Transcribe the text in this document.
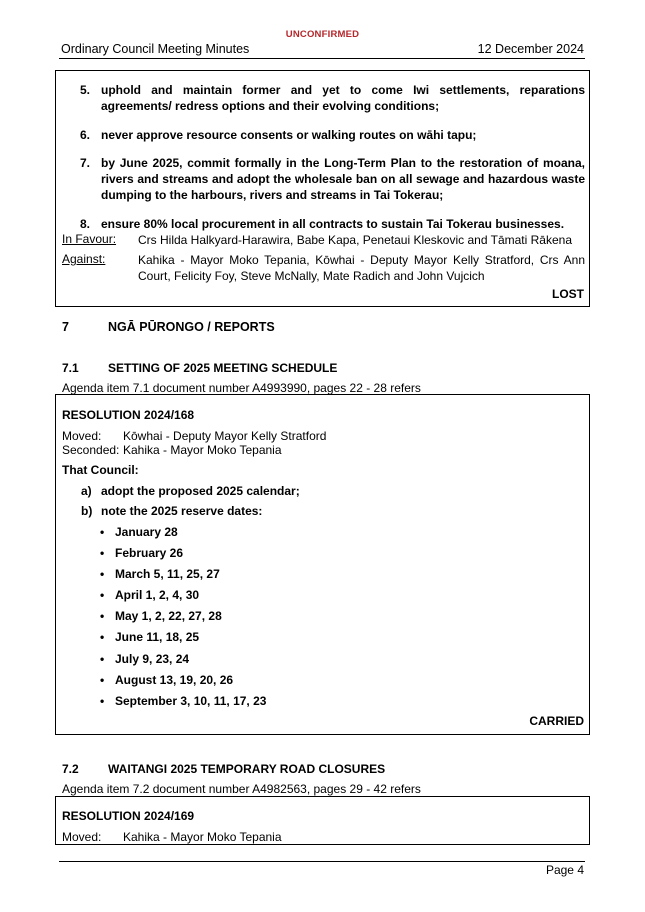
UNCONFIRMED
Ordinary Council Meeting Minutes	12 December 2024
5. uphold and maintain former and yet to come Iwi settlements, reparations agreements/ redress options and their evolving conditions;
6. never approve resource consents or walking routes on wāhi tapu;
7. by June 2025, commit formally in the Long-Term Plan to the restoration of moana, rivers and streams and adopt the wholesale ban on all sewage and hazardous waste dumping to the harbours, rivers and streams in Tai Tokerau;
8. ensure 80% local procurement in all contracts to sustain Tai Tokerau businesses.
In Favour: Crs Hilda Halkyard-Harawira, Babe Kapa, Penetaui Kleskovic and Tāmati Rākena
Against:	Kahika - Mayor Moko Tepania, Kōwhai - Deputy Mayor Kelly Stratford, Crs Ann Court, Felicity Foy, Steve McNally, Mate Radich and John Vujcich
LOST
7	NGĀ PŪRONGO / REPORTS
7.1 SETTING OF 2025 MEETING SCHEDULE
Agenda item 7.1 document number A4993990, pages 22 - 28 refers
RESOLUTION 2024/168
Moved: Kōwhai - Deputy Mayor Kelly Stratford
Seconded: Kahika - Mayor Moko Tepania
That Council:
a) adopt the proposed 2025 calendar;
b) note the 2025 reserve dates:
• January 28
• February 26
• March 5, 11, 25, 27
• April 1, 2, 4, 30
• May 1, 2, 22, 27, 28
• June 11, 18, 25
• July 9, 23, 24
• August 13, 19, 20, 26
• September 3, 10, 11, 17, 23
CARRIED
7.2 WAITANGI 2025 TEMPORARY ROAD CLOSURES
Agenda item 7.2 document number A4982563, pages 29 - 42 refers
RESOLUTION 2024/169
Moved: Kahika - Mayor Moko Tepania
Page 4
